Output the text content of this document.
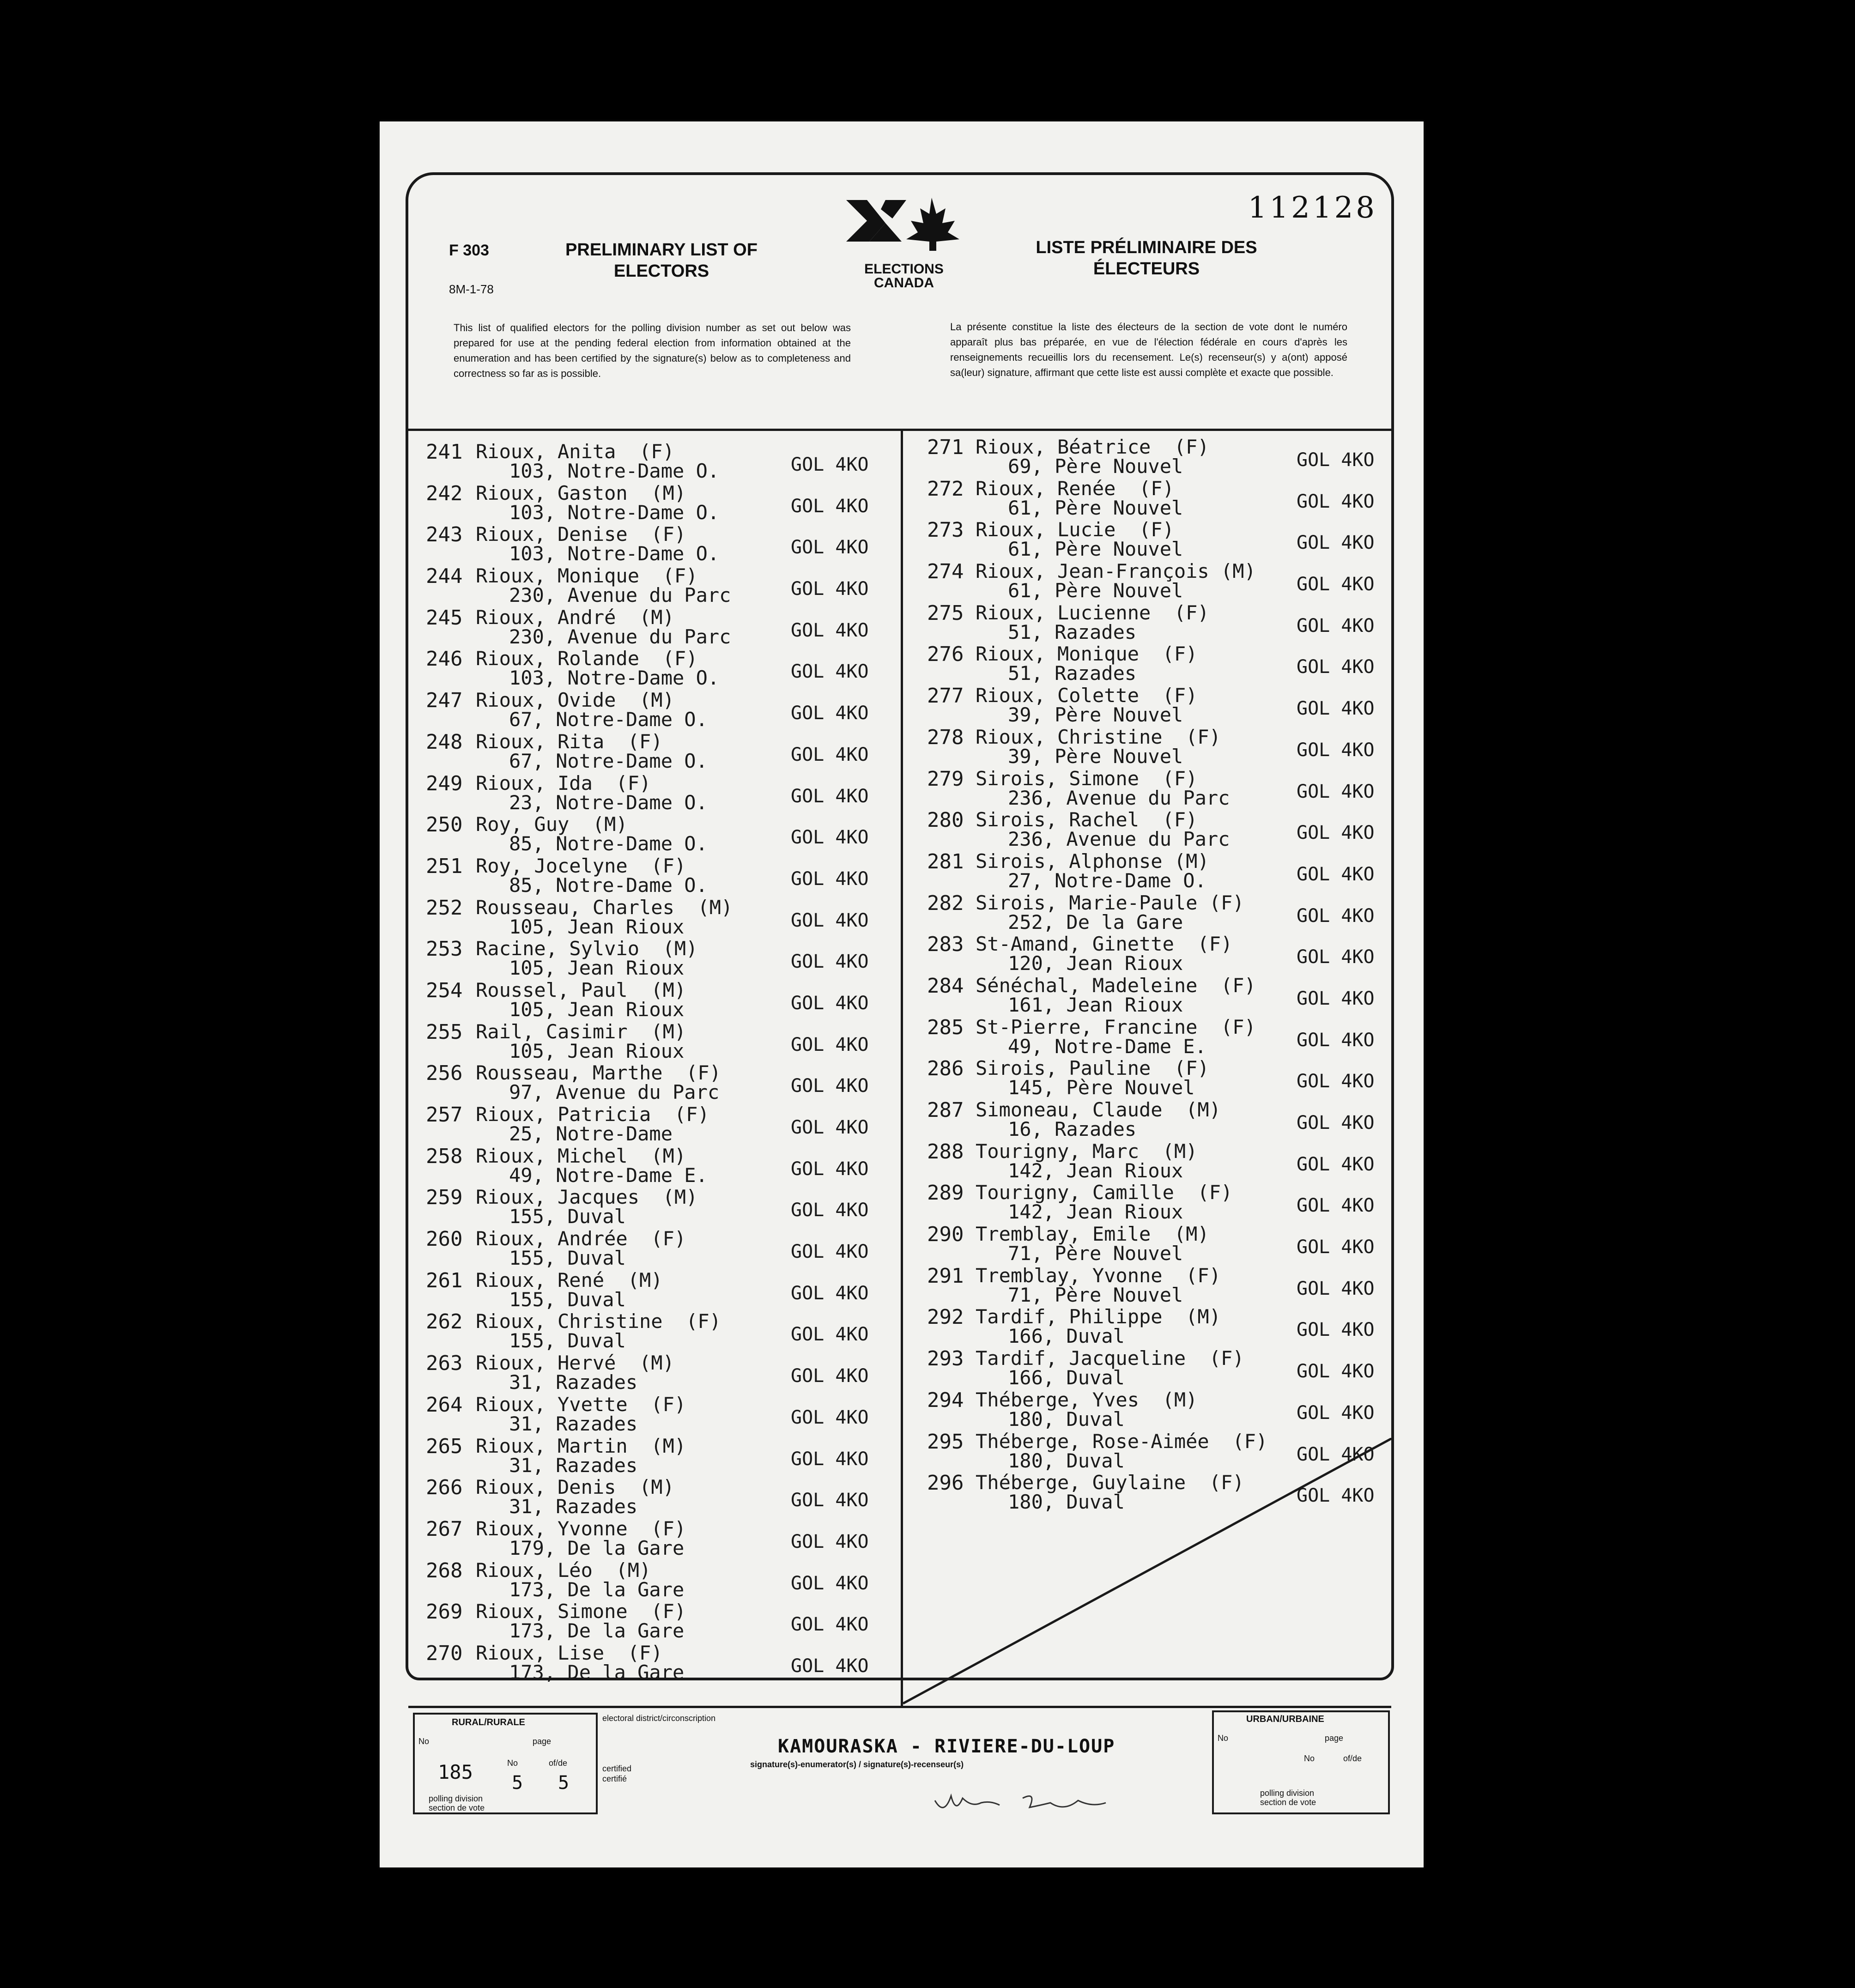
112128
F 303
8M-1-78
PRELIMINARY LIST OF
ELECTORS
LISTE PRÉLIMINAIRE DES
ÉLECTEURS
ELECTIONS
CANADA
This list of qualified electors for the polling division number as set out below was prepared for use at the pending federal election from information obtained at the enumeration and has been certified by the signature(s) below as to completeness and correctness so far as is possible.
La présente constitue la liste des électeurs de la section de vote dont le numéro apparaît plus bas préparée, en vue de l'élection fédérale en cours d'après les renseignements recueillis lors du recensement. Le(s) recenseur(s) y a(ont) apposé sa(leur) signature, affirmant que cette liste est aussi complète et exacte que possible.
241 Rioux, Anita  (F)
103, Notre-Dame O.	GOL 4KO
242 Rioux, Gaston  (M)
103, Notre-Dame O.	GOL 4KO
243 Rioux, Denise  (F)
103, Notre-Dame O.	GOL 4KO
244 Rioux, Monique  (F)
230, Avenue du Parc	GOL 4KO
245 Rioux, André  (M)
230, Avenue du Parc	GOL 4KO
246 Rioux, Rolande  (F)
103, Notre-Dame O.	GOL 4KO
247 Rioux, Ovide  (M)
67, Notre-Dame O.	GOL 4KO
248 Rioux, Rita  (F)
67, Notre-Dame O.	GOL 4KO
249 Rioux, Ida  (F)
23, Notre-Dame O.	GOL 4KO
250 Roy, Guy  (M)
85, Notre-Dame O.	GOL 4KO
251 Roy, Jocelyne  (F)
85, Notre-Dame O.	GOL 4KO
252 Rousseau, Charles  (M)
105, Jean Rioux	GOL 4KO
253 Racine, Sylvio  (M)
105, Jean Rioux	GOL 4KO
254 Roussel, Paul  (M)
105, Jean Rioux	GOL 4KO
255 Rail, Casimir  (M)
105, Jean Rioux	GOL 4KO
256 Rousseau, Marthe  (F)
97, Avenue du Parc	GOL 4KO
257 Rioux, Patricia  (F)
25, Notre-Dame	GOL 4KO
258 Rioux, Michel  (M)
49, Notre-Dame E.	GOL 4KO
259 Rioux, Jacques  (M)
155, Duval	GOL 4KO
260 Rioux, Andrée  (F)
155, Duval	GOL 4KO
261 Rioux, René  (M)
155, Duval	GOL 4KO
262 Rioux, Christine  (F)
155, Duval	GOL 4KO
263 Rioux, Hervé  (M)
31, Razades	GOL 4KO
264 Rioux, Yvette  (F)
31, Razades	GOL 4KO
265 Rioux, Martin  (M)
31, Razades	GOL 4KO
266 Rioux, Denis  (M)
31, Razades	GOL 4KO
267 Rioux, Yvonne  (F)
179, De la Gare	GOL 4KO
268 Rioux, Léo  (M)
173, De la Gare	GOL 4KO
269 Rioux, Simone  (F)
173, De la Gare	GOL 4KO
270 Rioux, Lise  (F)
173, De la Gare	GOL 4KO
271 Rioux, Béatrice  (F)
69, Père Nouvel	GOL 4KO
272 Rioux, Renée  (F)
61, Père Nouvel	GOL 4KO
273 Rioux, Lucie  (F)
61, Père Nouvel	GOL 4KO
274 Rioux, Jean-François (M)
61, Père Nouvel	GOL 4KO
275 Rioux, Lucienne  (F)
51, Razades	GOL 4KO
276 Rioux, Monique  (F)
51, Razades	GOL 4KO
277 Rioux, Colette  (F)
39, Père Nouvel	GOL 4KO
278 Rioux, Christine  (F)
39, Père Nouvel	GOL 4KO
279 Sirois, Simone  (F)
236, Avenue du Parc	GOL 4KO
280 Sirois, Rachel  (F)
236, Avenue du Parc	GOL 4KO
281 Sirois, Alphonse (M)
27, Notre-Dame O.	GOL 4KO
282 Sirois, Marie-Paule (F)
252, De la Gare	GOL 4KO
283 St-Amand, Ginette  (F)
120, Jean Rioux	GOL 4KO
284 Sénéchal, Madeleine  (F)
161, Jean Rioux	GOL 4KO
285 St-Pierre, Francine  (F)
49, Notre-Dame E.	GOL 4KO
286 Sirois, Pauline  (F)
145, Père Nouvel	GOL 4KO
287 Simoneau, Claude  (M)
16, Razades	GOL 4KO
288 Tourigny, Marc  (M)
142, Jean Rioux	GOL 4KO
289 Tourigny, Camille  (F)
142, Jean Rioux	GOL 4KO
290 Tremblay, Emile  (M)
71, Père Nouvel	GOL 4KO
291 Tremblay, Yvonne  (F)
71, Père Nouvel	GOL 4KO
292 Tardif, Philippe  (M)
166, Duval	GOL 4KO
293 Tardif, Jacqueline  (F)
166, Duval	GOL 4KO
294 Théberge, Yves  (M)
180, Duval	GOL 4KO
295 Théberge, Rose-Aimée  (F)
180, Duval	GOL 4KO
296 Théberge, Guylaine  (F)
180, Duval	GOL 4KO
RURAL/RURALE
No	page
185	No
5
of/de
5
polling division
section de vote
electoral district/circonscription
KAMOURASKA - RIVIERE-DU-LOUP
certified
certifié
signature(s)-enumerator(s) / signature(s)-recenseur(s)
URBAN/URBAINE
No	page
No	of/de
polling division
section de vote
